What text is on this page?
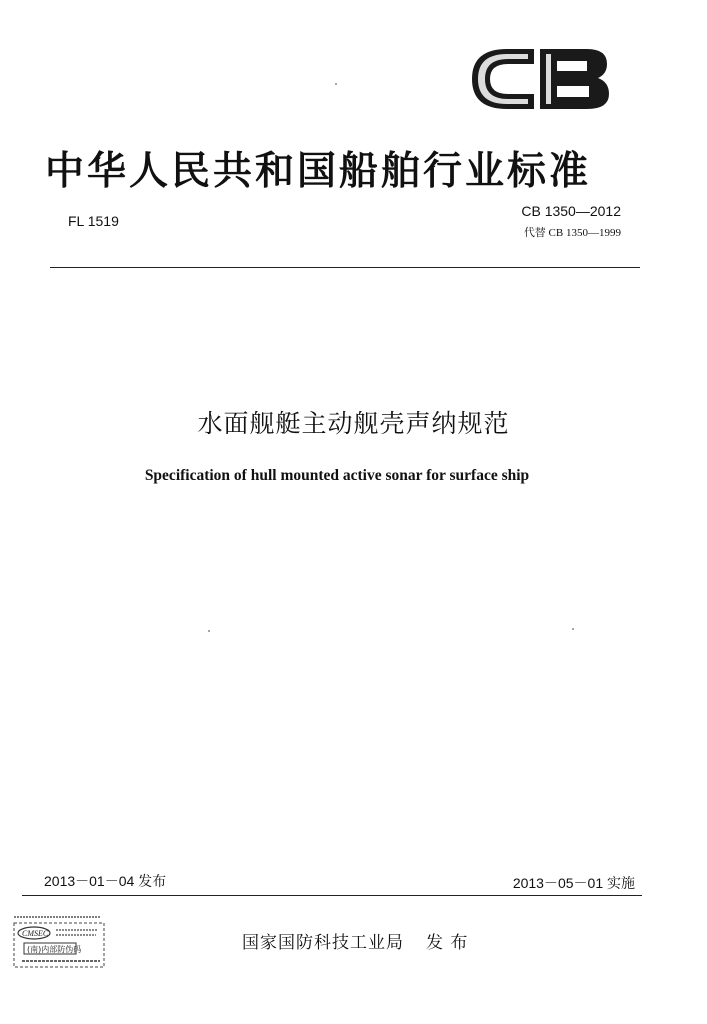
中华人民共和国船舶行业标准
FL 1519
CB 1350—2012
代替 CB 1350—1999
水面舰艇主动舰壳声纳规范
Specification of hull mounted active sonar for surface ship
2013－01－04 发布	2013－05－01 实施
CMSEC
(南)内部防伪码	国家国防科技工业局 发 布
